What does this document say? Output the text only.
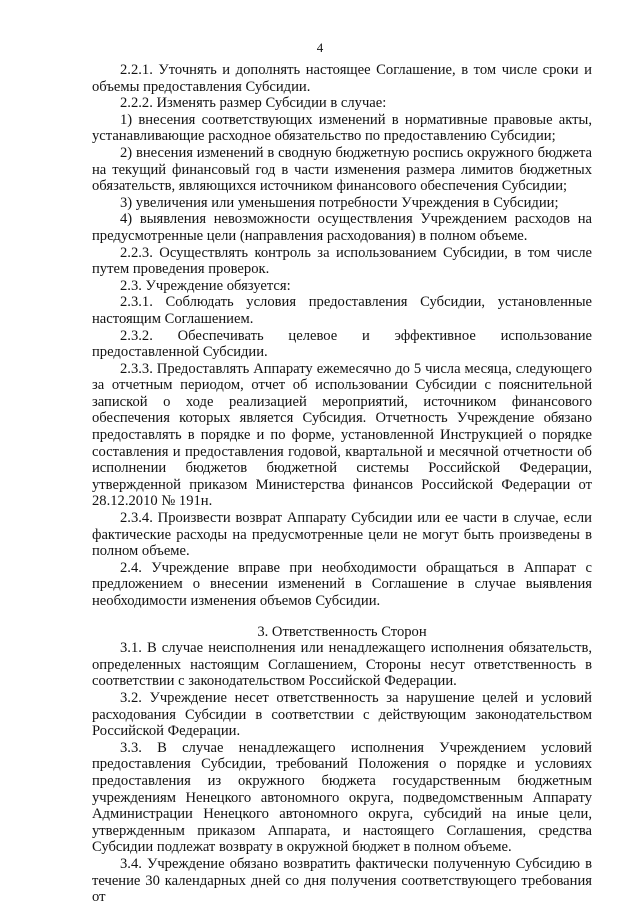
4

2.2.1. Уточнять и дополнять настоящее Соглашение, в том числе сроки и объемы предоставления Субсидии.

2.2.2. Изменять размер Субсидии в случае:

1) внесения соответствующих изменений в нормативные правовые акты, устанавливающие расходное обязательство по предоставлению Субсидии;

2) внесения изменений в сводную бюджетную роспись окружного бюджета на текущий финансовый год в части изменения размера лимитов бюджетных обязательств, являющихся источником финансового обеспечения Субсидии;

3) увеличения или уменьшения потребности Учреждения в Субсидии;

4) выявления невозможности осуществления Учреждением расходов на предусмотренные цели (направления расходования) в полном объеме.

2.2.3. Осуществлять контроль за использованием Субсидии, в том числе путем проведения проверок.

2.3. Учреждение обязуется:

2.3.1. Соблюдать условия предоставления Субсидии, установленные настоящим Соглашением.

2.3.2. Обеспечивать целевое и эффективное использование предоставленной Субсидии.

2.3.3. Предоставлять Аппарату ежемесячно до 5 числа месяца, следующего за отчетным периодом, отчет об использовании Субсидии с пояснительной запиской о ходе реализацией мероприятий, источником финансового обеспечения которых является Субсидия. Отчетность Учреждение обязано предоставлять в порядке и по форме, установленной Инструкцией о порядке составления и предоставления годовой, квартальной и месячной отчетности об исполнении бюджетов бюджетной системы Российской Федерации, утвержденной приказом Министерства финансов Российской Федерации от 28.12.2010 № 191н.

2.3.4. Произвести возврат Аппарату Субсидии или ее части в случае, если фактические расходы на предусмотренные цели не могут быть произведены в полном объеме.

2.4. Учреждение вправе при необходимости обращаться в Аппарат с предложением о внесении изменений в Соглашение в случае выявления необходимости изменения объемов Субсидии.

3. Ответственность Сторон

3.1. В случае неисполнения или ненадлежащего исполнения обязательств, определенных настоящим Соглашением, Стороны несут ответственность в соответствии с законодательством Российской Федерации.

3.2. Учреждение несет ответственность за нарушение целей и условий расходования Субсидии в соответствии с действующим законодательством Российской Федерации.

3.3. В случае ненадлежащего исполнения Учреждением условий предоставления Субсидии, требований Положения о порядке и условиях предоставления из окружного бюджета государственным бюджетным учреждениям Ненецкого автономного округа, подведомственным Аппарату Администрации Ненецкого автономного округа, субсидий на иные цели, утвержденным приказом Аппарата, и настоящего Соглашения, средства Субсидии подлежат возврату в окружной бюджет в полном объеме.

3.4. Учреждение обязано возвратить фактически полученную Субсидию в течение 30 календарных дней со дня получения соответствующего требования от
